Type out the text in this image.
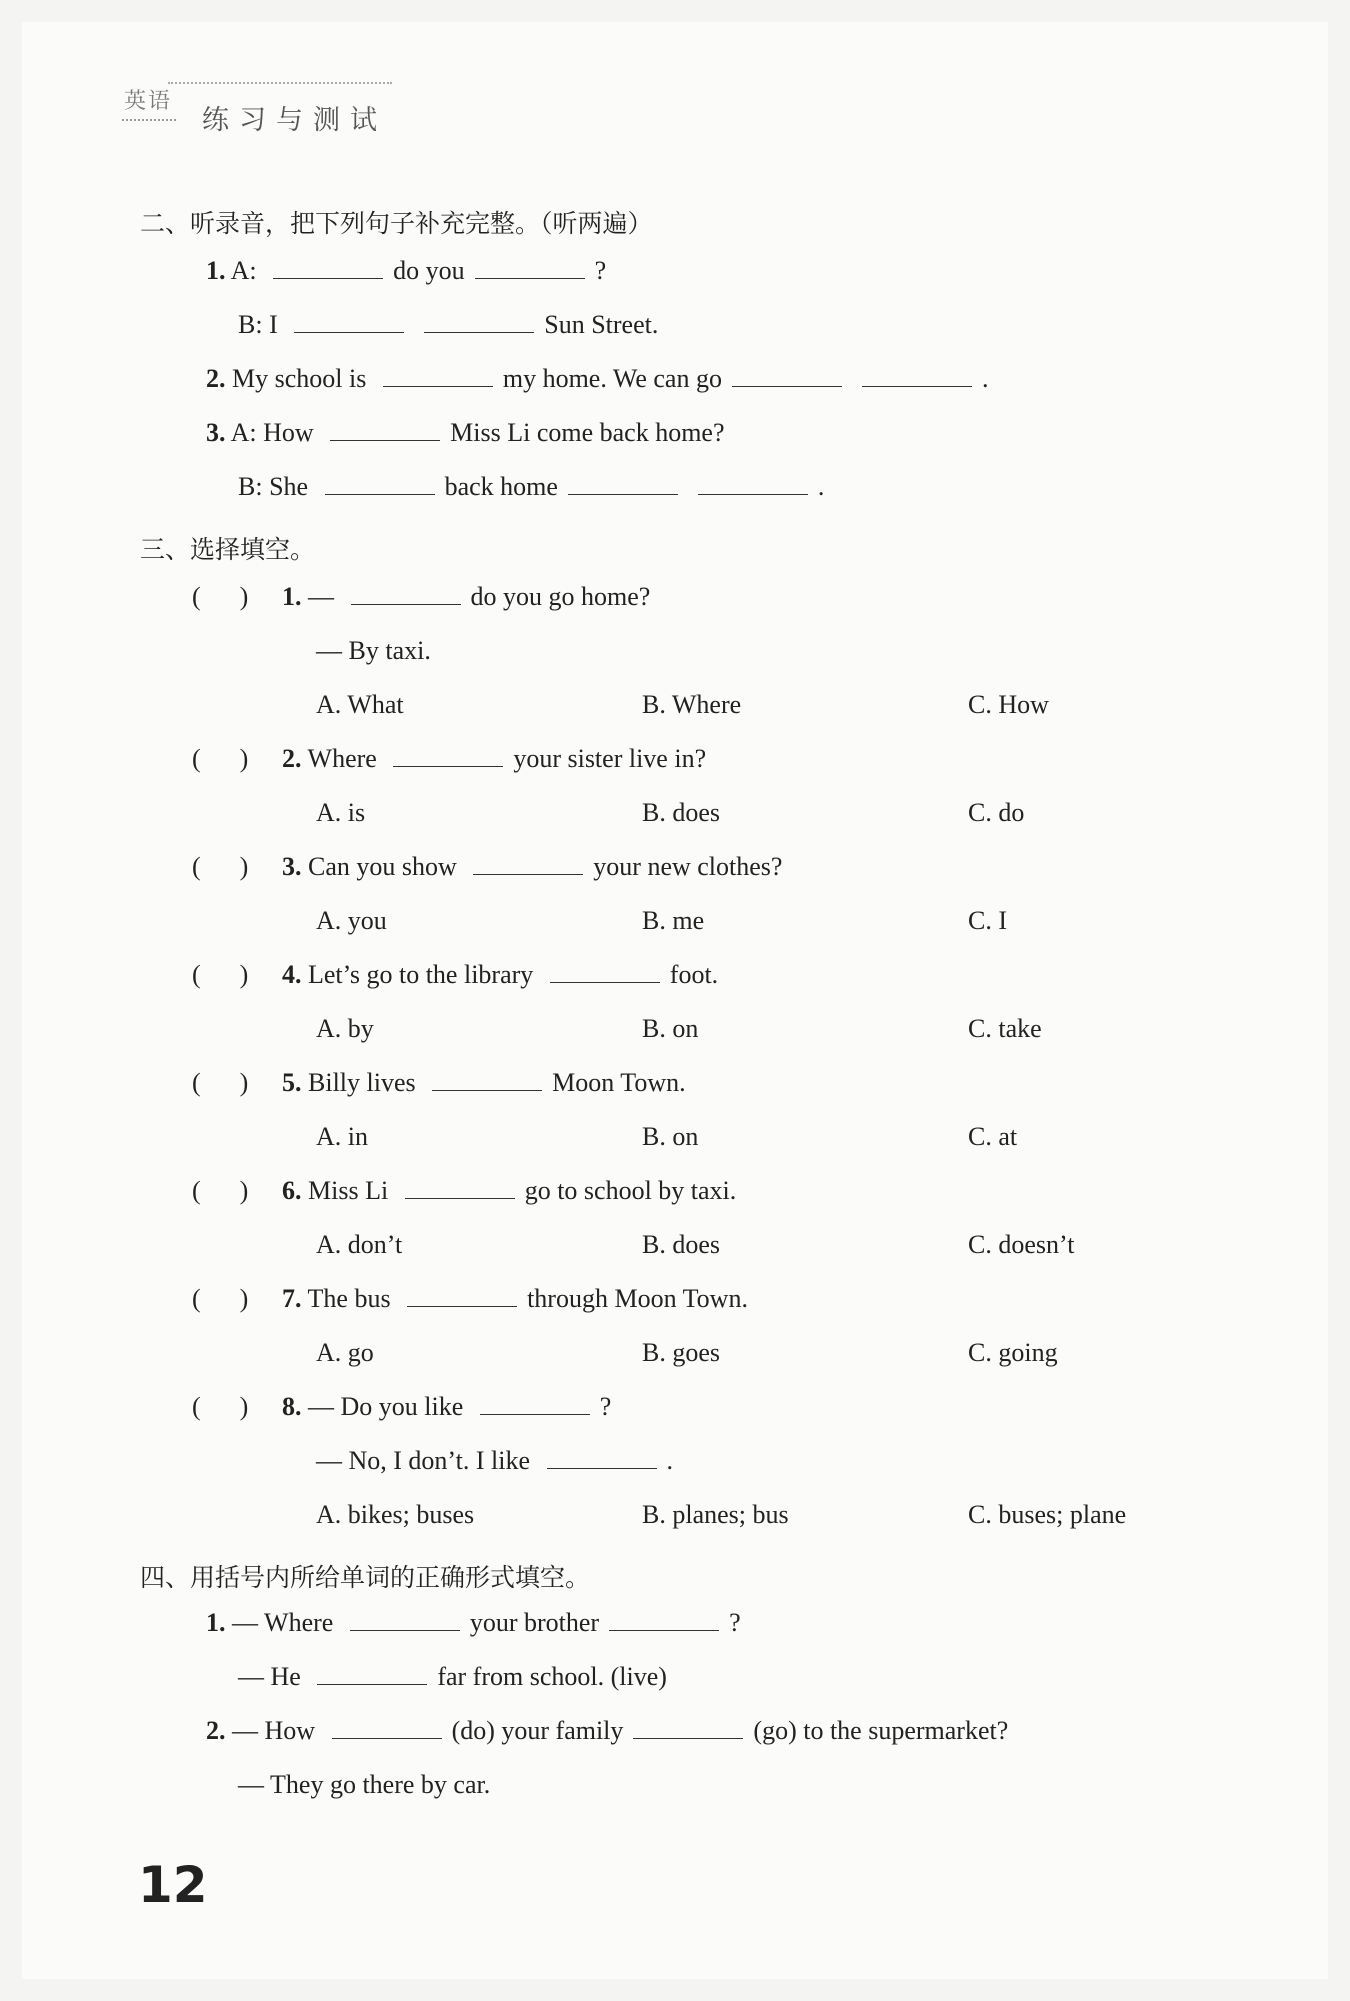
英语
练习与测试
二、听录音，把下列句子补充完整。（听两遍）
1. A:	do you	?
B: I	Sun Street.
2. My school is	my home. We can go	.
3. A: How	Miss Li come back home?
B: She	back home	.
三、选择填空。
(      ) 1. —	do you go home?
— By taxi.
A. What	B. Where	C. How
(      ) 2. Where	your sister live in?
A. is	B. does	C. do
(      ) 3. Can you show	your new clothes?
A. you	B. me	C. I
(      ) 4. Let’s go to the library	foot.
A. by	B. on	C. take
(      ) 5. Billy lives	Moon Town.
A. in	B. on	C. at
(      ) 6. Miss Li	go to school by taxi.
A. don’t	B. does	C. doesn’t
(      ) 7. The bus	through Moon Town.
A. go	B. goes	C. going
(      ) 8. — Do you like	?
— No, I don’t. I like	.
A. bikes; buses	B. planes; bus	C. buses; plane
四、用括号内所给单词的正确形式填空。
1. — Where	your brother	?
— He	far from school. (live)
2. — How	(do) your family	(go) to the supermarket?
— They go there by car.
12
